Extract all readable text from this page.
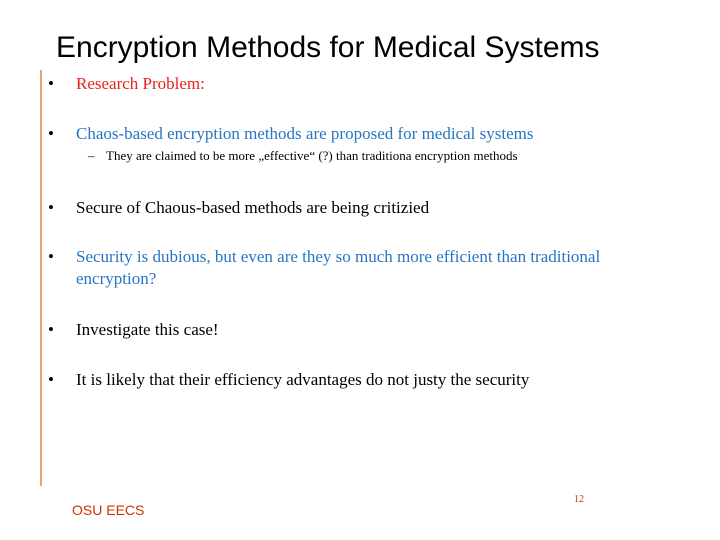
Encryption Methods for Medical Systems
• Research Problem:
• Chaos-based encryption methods are proposed for medical systems
– They are claimed to be more „effective“ (?) than traditiona encryption methods
• Secure of Chaous-based methods are being critizied
• Security is dubious, but even are they so much more efficient than traditional encryption?
• Investigate this case!
• It is likely that their efficiency advantages do not justy the security
12
OSU EECS
